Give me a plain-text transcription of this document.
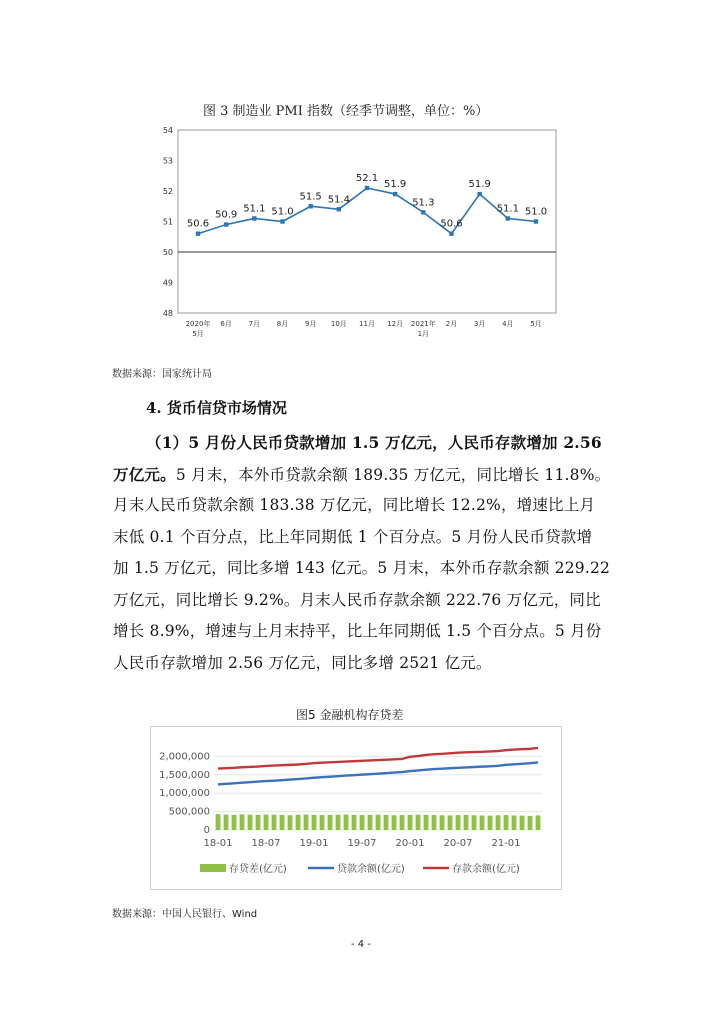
图 3 制造业 PMI 指数（经季节调整，单位：%）
48
49
50
51
52
53
54
50.6
50.9
51.1 51.0
51.5 51.4
52.1
51.9
51.3
50.6
51.9
51.1 51.0
2020年
5月
6月 7月 8月 9月 10月 11月 12月 2021年
1月
2月 3月 4月 5月
数据来源：国家统计局
4. 货币信贷市场情况
（1）5 月份人民币贷款增加 1.5 万亿元，人民币存款增加 2.56
万亿元。5 月末，本外币贷款余额 189.35 万亿元，同比增长 11.8%。
月末人民币贷款余额 183.38 万亿元，同比增长 12.2%，增速比上月
末低 0.1 个百分点，比上年同期低 1 个百分点。5 月份人民币贷款增
加 1.5 万亿元，同比多增 143 亿元。5 月末，本外币存款余额 229.22
万亿元，同比增长 9.2%。月末人民币存款余额 222.76 万亿元，同比
增长 8.9%，增速与上月末持平，比上年同期低 1.5 个百分点。5 月份
人民币存款增加 2.56 万亿元，同比多增 2521 亿元。
图5 金融机构存贷差
0
500,000
1,000,000
1,500,000
2,000,000
18-01 18-07 19-01 19-07 20-01 20-07 21-01
存贷差(亿元)	贷款余额(亿元)	存款余额(亿元)
数据来源：中国人民银行、Wind
- 4 -
